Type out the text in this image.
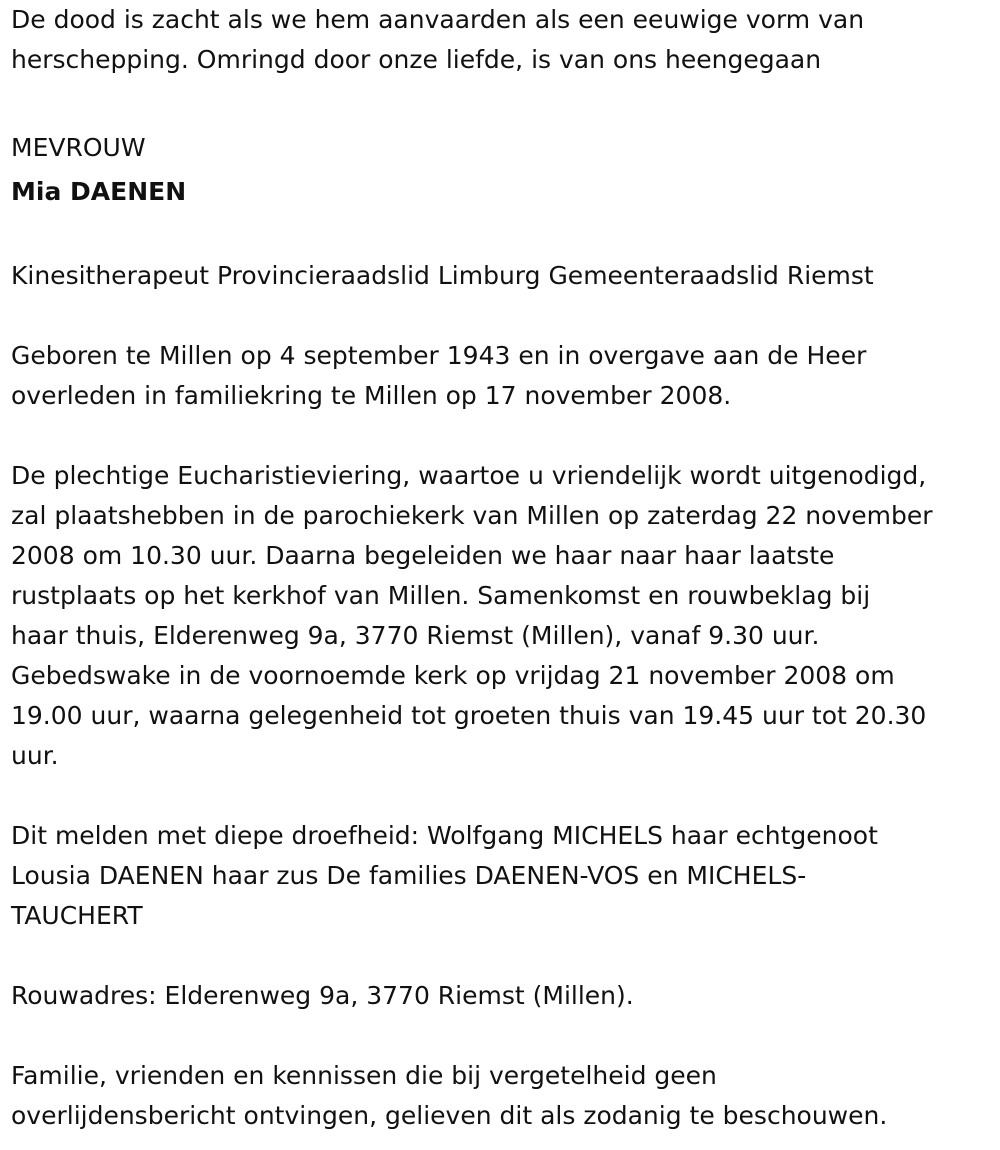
De dood is zacht als we hem aanvaarden als een eeuwige vorm van
herschepping. Omringd door onze liefde, is van ons heengegaan
MEVROUW
Mia DAENEN
Kinesitherapeut Provincieraadslid Limburg Gemeenteraadslid Riemst
Geboren te Millen op 4 september 1943 en in overgave aan de Heer
overleden in familiekring te Millen op 17 november 2008.
De plechtige Eucharistieviering, waartoe u vriendelijk wordt uitgenodigd,
zal plaatshebben in de parochiekerk van Millen op zaterdag 22 november
2008 om 10.30 uur. Daarna begeleiden we haar naar haar laatste
rustplaats op het kerkhof van Millen. Samenkomst en rouwbeklag bij
haar thuis, Elderenweg 9a, 3770 Riemst (Millen), vanaf 9.30 uur.
Gebedswake in de voornoemde kerk op vrijdag 21 november 2008 om
19.00 uur, waarna gelegenheid tot groeten thuis van 19.45 uur tot 20.30
uur.
Dit melden met diepe droefheid: Wolfgang MICHELS haar echtgenoot
Lousia DAENEN haar zus De families DAENEN-VOS en MICHELS-
TAUCHERT
Rouwadres: Elderenweg 9a, 3770 Riemst (Millen).
Familie, vrienden en kennissen die bij vergetelheid geen
overlijdensbericht ontvingen, gelieven dit als zodanig te beschouwen.
